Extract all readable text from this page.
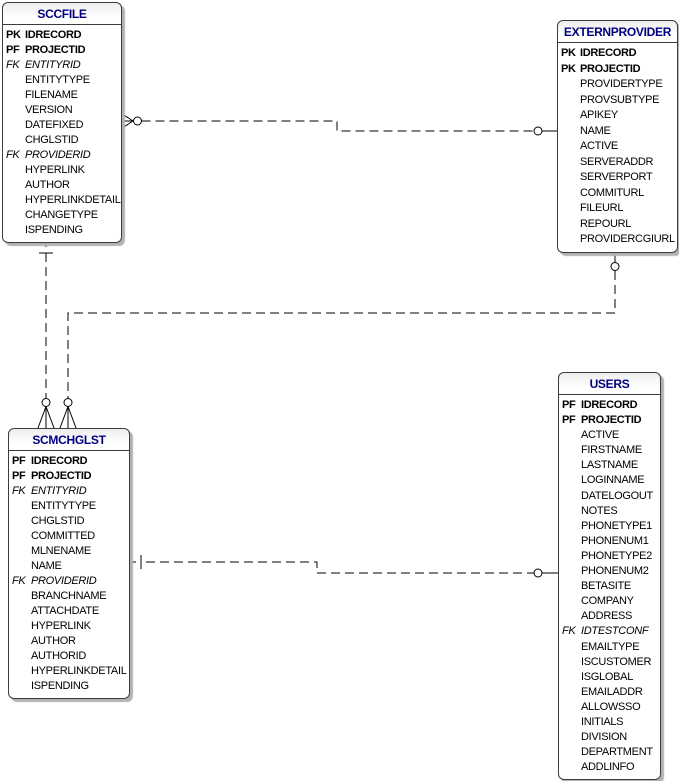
SCCFILE
PK IDRECORD
PF PROJECTID
FK ENTITYRID
ENTITYTYPE
FILENAME
VERSION
DATEFIXED
CHGLSTID
FK PROVIDERID
HYPERLINK
AUTHOR
HYPERLINKDETAIL
CHANGETYPE
ISPENDING
EXTERNPROVIDER
PK IDRECORD
PK PROJECTID
PROVIDERTYPE
PROVSUBTYPE
APIKEY
NAME
ACTIVE
SERVERADDR
SERVERPORT
COMMITURL
FILEURL
REPOURL
PROVIDERCGIURL
USERS
PF IDRECORD
PF PROJECTID
ACTIVE
FIRSTNAME
LASTNAME
LOGINNAME
DATELOGOUT
NOTES
PHONETYPE1
PHONENUM1
PHONETYPE2
PHONENUM2
BETASITE
COMPANY
ADDRESS
FK IDTESTCONF
EMAILTYPE
ISCUSTOMER
ISGLOBAL
EMAILADDR
ALLOWSSO
INITIALS
DIVISION
DEPARTMENT
ADDLINFO
SCMCHGLST
PF IDRECORD
PF PROJECTID
FK ENTITYRID
ENTITYTYPE
CHGLSTID
COMMITTED
MLNENAME
NAME
FK PROVIDERID
BRANCHNAME
ATTACHDATE
HYPERLINK
AUTHOR
AUTHORID
HYPERLINKDETAIL
ISPENDING
